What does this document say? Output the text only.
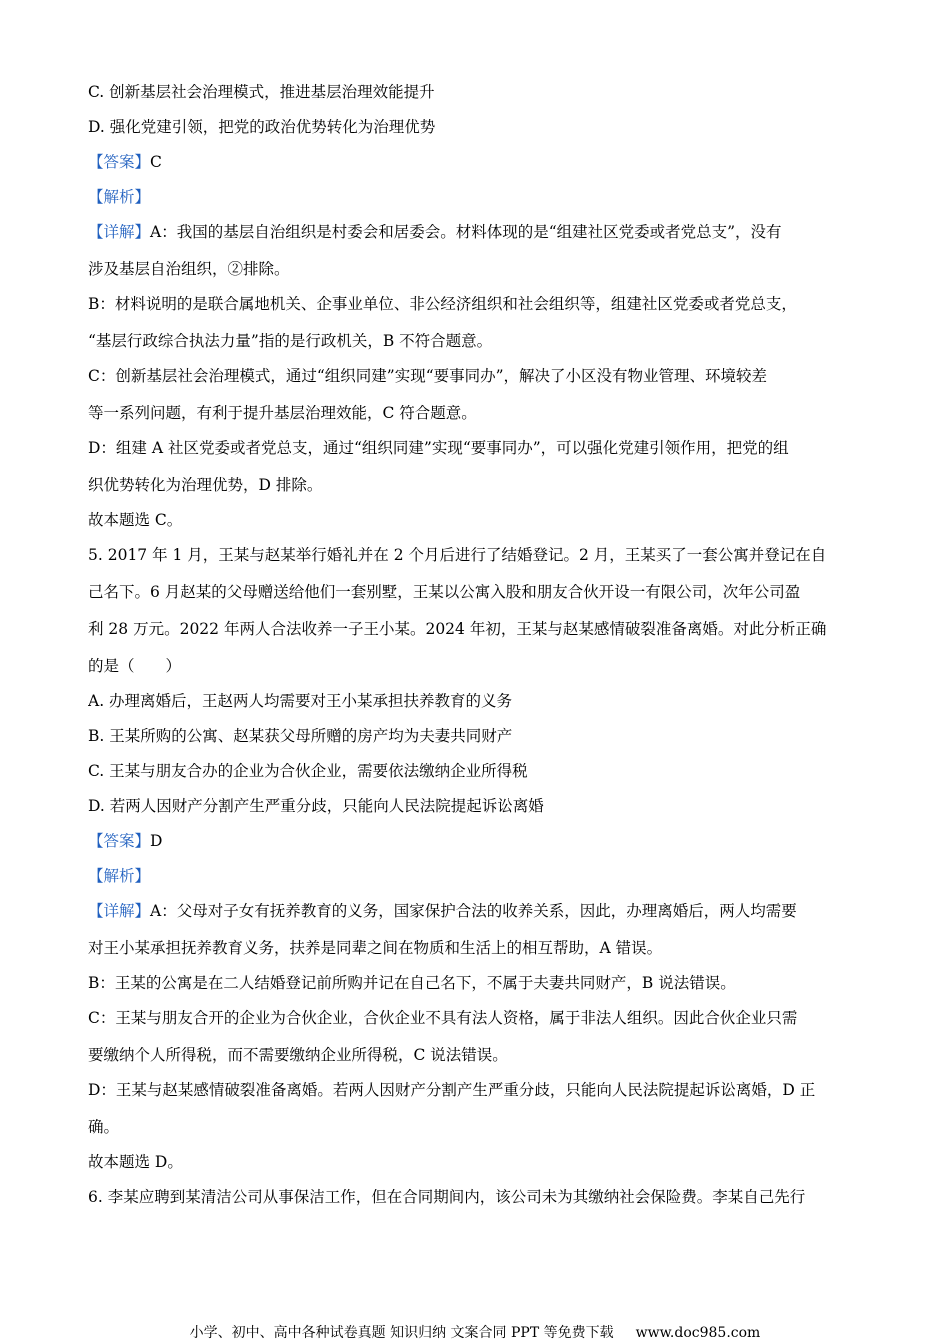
C. 创新基层社会治理模式，推进基层治理效能提升
D. 强化党建引领，把党的政治优势转化为治理优势
【答案】C
【解析】
【详解】A：我国的基层自治组织是村委会和居委会。材料体现的是“组建社区党委或者党总支”，没有
涉及基层自治组织，②排除。
B：材料说明的是联合属地机关、企事业单位、非公经济组织和社会组织等，组建社区党委或者党总支，
“基层行政综合执法力量”指的是行政机关，B 不符合题意。
C：创新基层社会治理模式，通过“组织同建”实现“要事同办”，解决了小区没有物业管理、环境较差
等一系列问题，有利于提升基层治理效能，C 符合题意。
D：组建 A 社区党委或者党总支，通过“组织同建”实现“要事同办”，可以强化党建引领作用，把党的组
织优势转化为治理优势，D 排除。
故本题选 C。
5. 2017 年 1 月，王某与赵某举行婚礼并在 2 个月后进行了结婚登记。2 月，王某买了一套公寓并登记在自
己名下。6 月赵某的父母赠送给他们一套别墅，王某以公寓入股和朋友合伙开设一有限公司，次年公司盈
利 28 万元。2022 年两人合法收养一子王小某。2024 年初，王某与赵某感情破裂准备离婚。对此分析正确
的是（　　）
A. 办理离婚后，王赵两人均需要对王小某承担扶养教育的义务
B. 王某所购的公寓、赵某获父母所赠的房产均为夫妻共同财产
C. 王某与朋友合办的企业为合伙企业，需要依法缴纳企业所得税
D. 若两人因财产分割产生严重分歧，只能向人民法院提起诉讼离婚
【答案】D
【解析】
【详解】A：父母对子女有抚养教育的义务，国家保护合法的收养关系，因此，办理离婚后，两人均需要
对王小某承担抚养教育义务，扶养是同辈之间在物质和生活上的相互帮助，A 错误。
B：王某的公寓是在二人结婚登记前所购并记在自己名下，不属于夫妻共同财产，B 说法错误。
C：王某与朋友合开的企业为合伙企业，合伙企业不具有法人资格，属于非法人组织。因此合伙企业只需
要缴纳个人所得税，而不需要缴纳企业所得税，C 说法错误。
D：王某与赵某感情破裂准备离婚。若两人因财产分割产生严重分歧，只能向人民法院提起诉讼离婚，D 正
确。
故本题选 D。
6. 李某应聘到某清洁公司从事保洁工作，但在合同期间内，该公司未为其缴纳社会保险费。李某自己先行
小学、初中、高中各种试卷真题 知识归纳 文案合同 PPT 等免费下载 www.doc985.com
